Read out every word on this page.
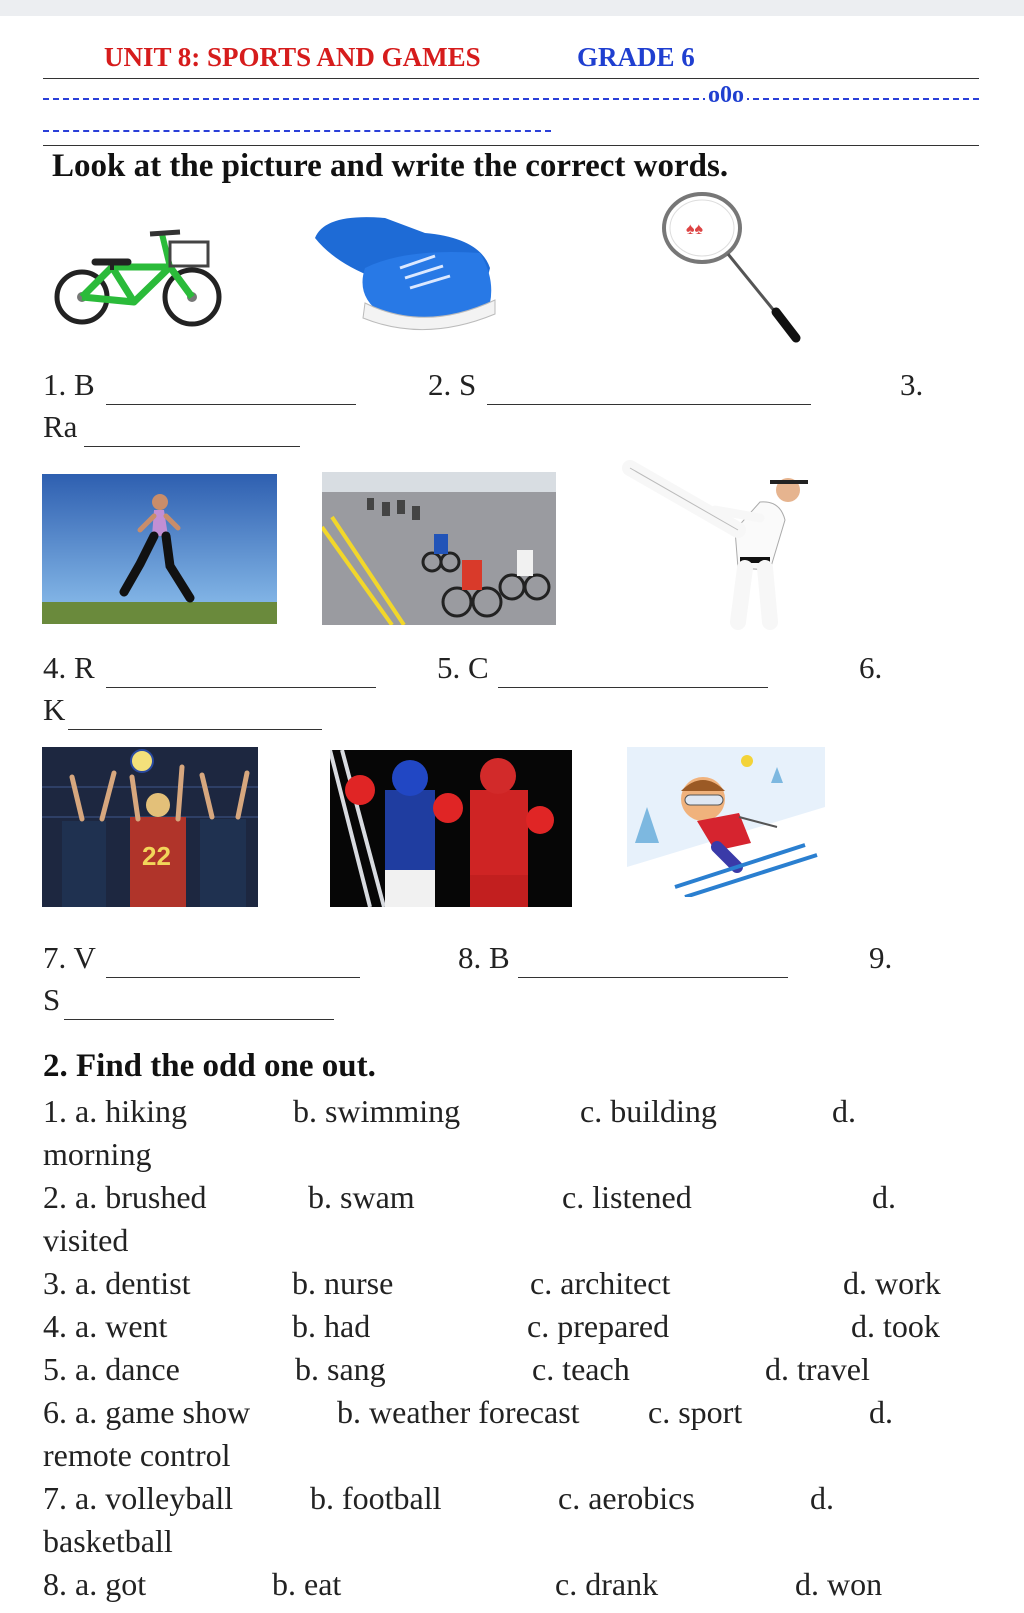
UNIT 8: SPORTS AND GAMES	GRADE 6
o0o
Look at the picture and write the correct words.
♠♠
1. B	2. S	3.
Ra
4. R	5. C	6.
K
22
7. V	8. B	9.
S
2. Find the odd one out.
1. a. hiking	b. swimming	c. building	d.
morning
2. a. brushed	b. swam	c. listened	d.
visited
3. a. dentist	b. nurse	c. architect	d. work
4. a. went	b. had	c. prepared	d. took
5. a. dance	b. sang	c. teach	d. travel
6. a. game show	b. weather forecast c. sport	d.
remote control
7. a. volleyball b. football	c. aerobics	d.
basketball
8. a. got	b. eat	c. drank	d. won
